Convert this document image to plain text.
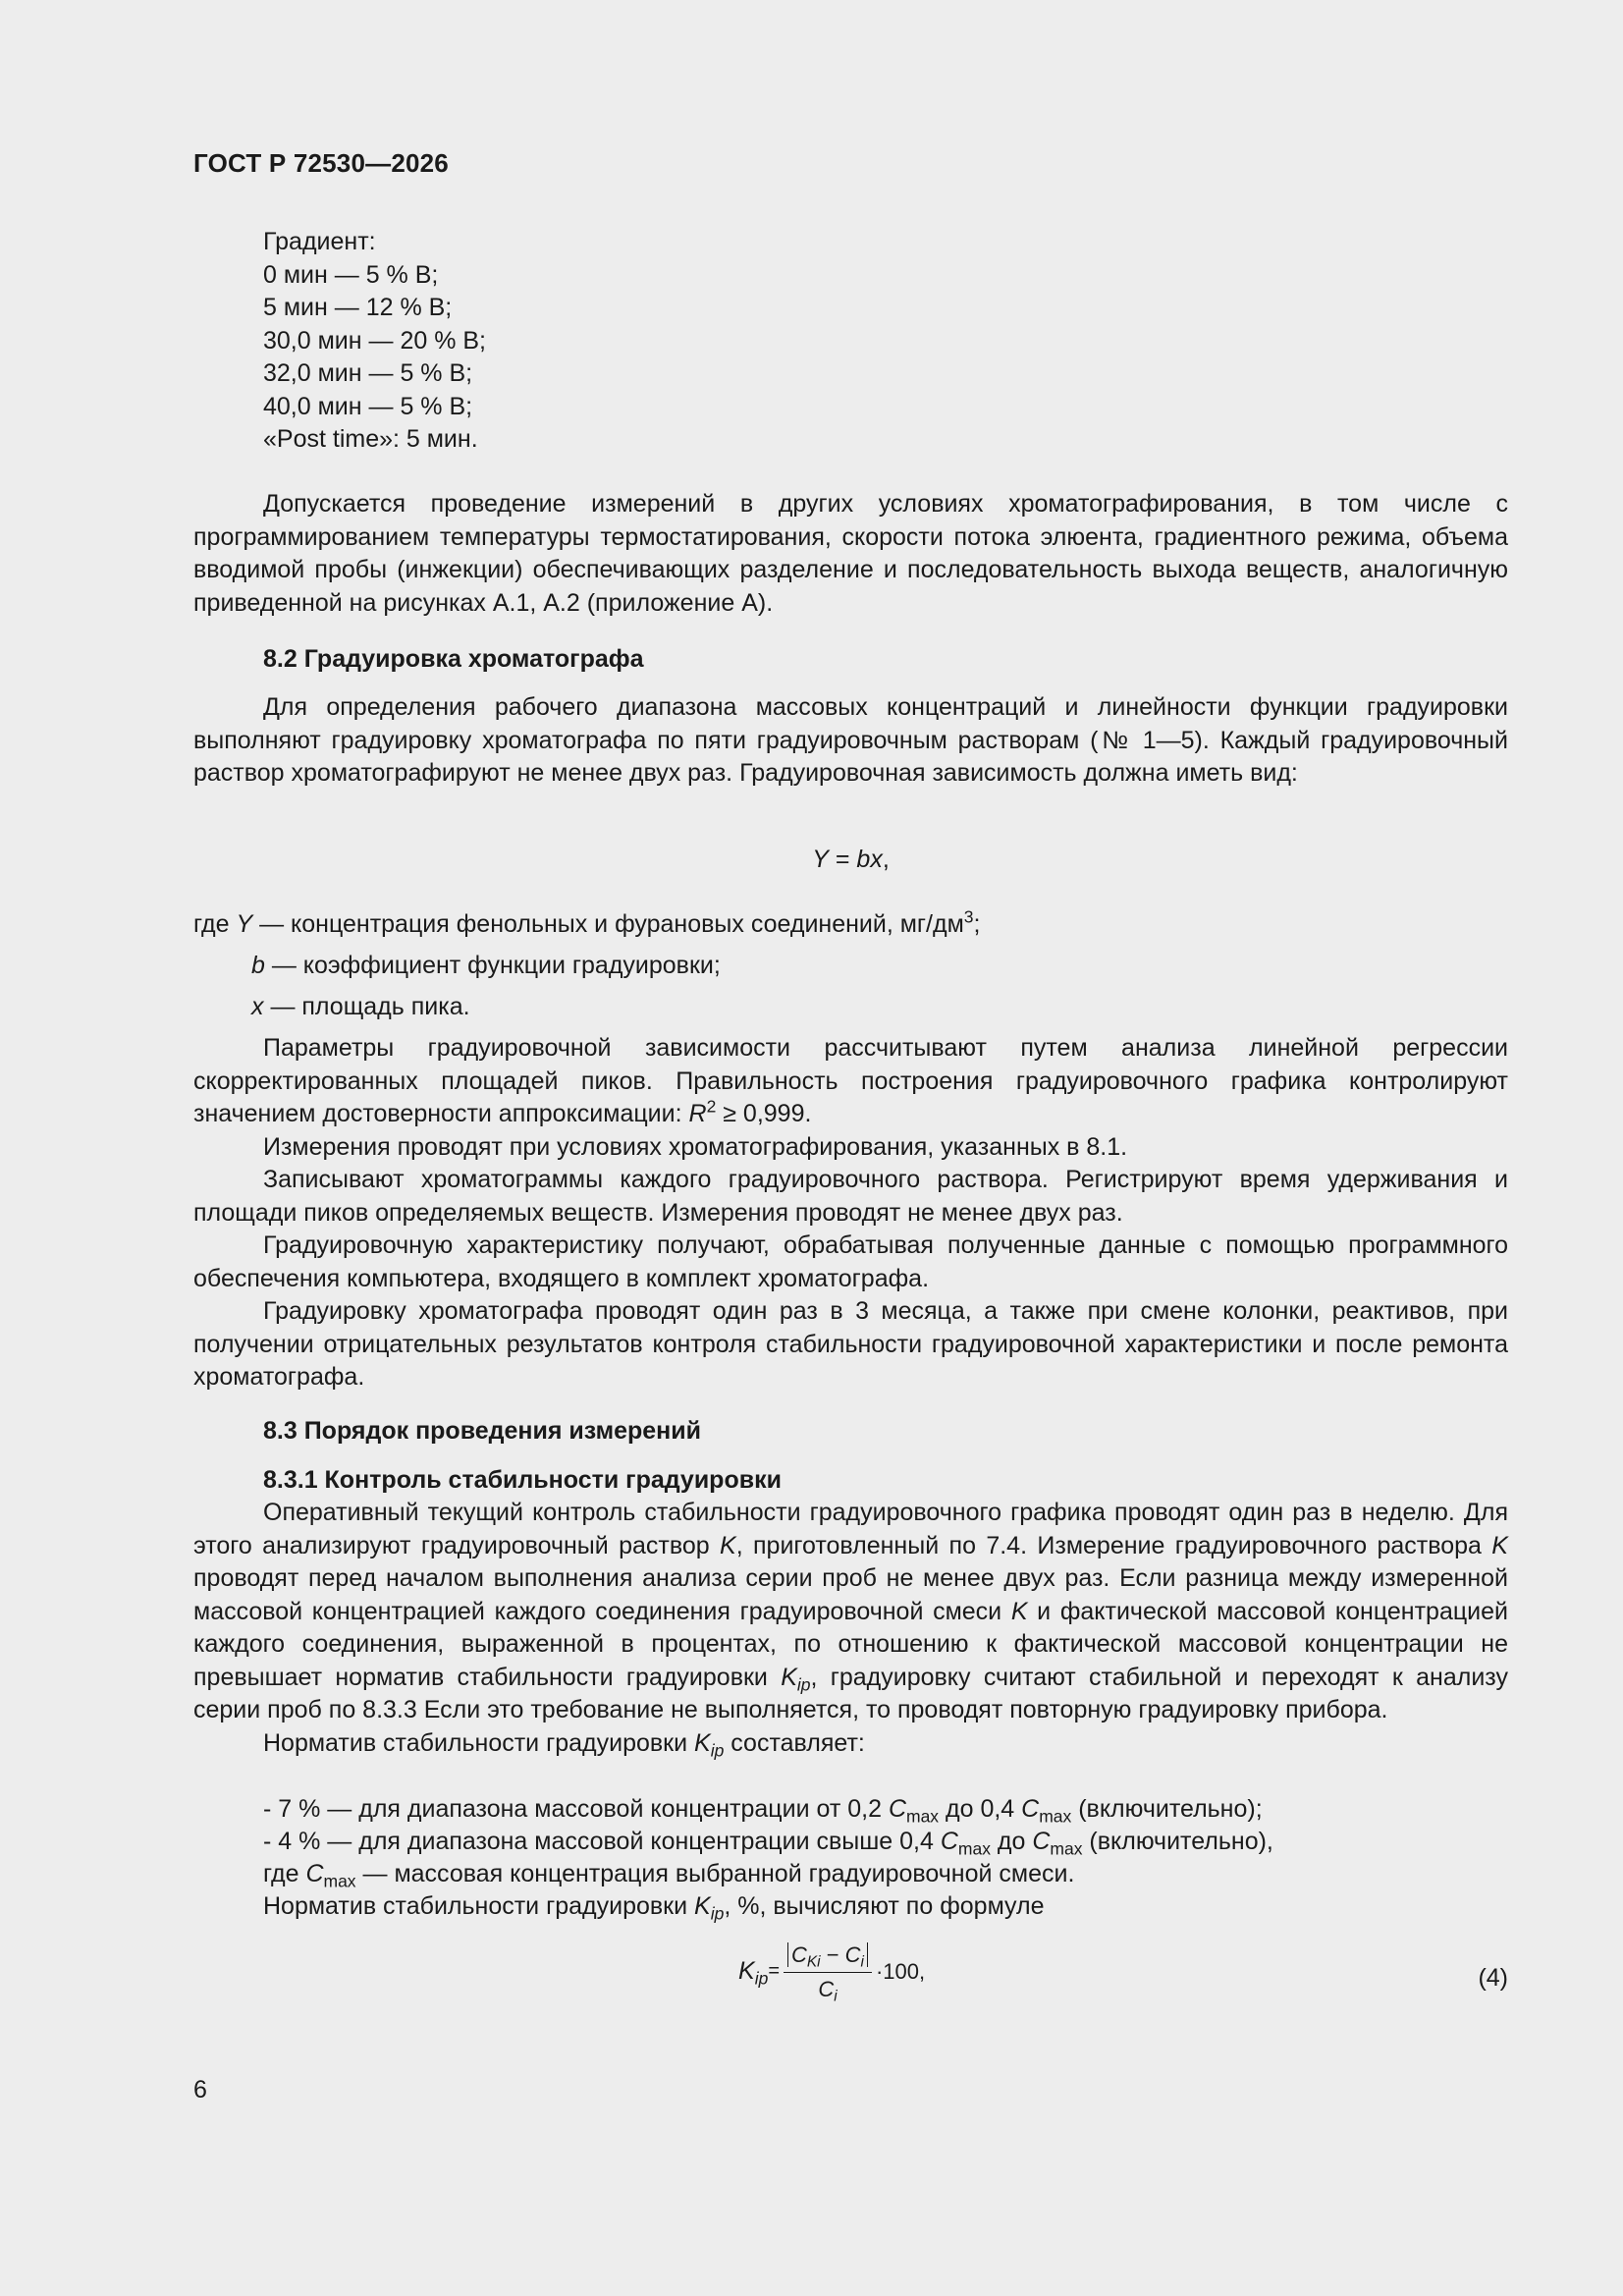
ГОСТ Р 72530—2026
Градиент:
0 мин — 5 % В;
5 мин — 12 % В;
30,0 мин — 20 % В;
32,0 мин — 5 % В;
40,0 мин — 5 % В;
«Post time»: 5 мин.

Допускается проведение измерений в других условиях хроматографирования, в том числе с программированием температуры термостатирования, скорости потока элюента, градиентного режима, объема вводимой пробы (инжекции) обеспечивающих разделение и последовательность выхода веществ, аналогичную приведенной на рисунках А.1, А.2 (приложение А).

8.2 Градуировка хроматографа

Для определения рабочего диапазона массовых концентраций и линейности функции градуировки выполняют градуировку хроматографа по пяти градуировочным растворам (№ 1—5). Каждый градуировочный раствор хроматографируют не менее двух раз. Градуировочная зависимость должна иметь вид:

Y = bx,
где Y — концентрация фенольных и фурановых соединений, $мг/дм^3$;
b — коэффициент функции градуировки;
x — площадь пика.

Параметры градуировочной зависимости рассчитывают путем анализа линейной регрессии скорректированных площадей пиков. Правильность построения градуировочного графика контролируют значением достоверности аппроксимации: $R^2 \ge 0,999$.

Измерения проводят при условиях хроматографирования, указанных в 8.1.

Записывают хроматограммы каждого градуировочного раствора. Регистрируют время удерживания и площади пиков определяемых веществ. Измерения проводят не менее двух раз.

Градуировочную характеристику получают, обрабатывая полученные данные с помощью программного обеспечения компьютера, входящего в комплект хроматографа.

Градуировку хроматографа проводят один раз в 3 месяца, а также при смене колонки, реактивов, при получении отрицательных результатов контроля стабильности градуировочной характеристики и после ремонта хроматографа.

8.3 Порядок проведения измерений
8.3.1 Контроль стабильности градуировки

Оперативный текущий контроль стабильности градуировочного графика проводят один раз в неделю. Для этого анализируют градуировочный раствор K, приготовленный по 7.4. Измерение градуировочного раствора K проводят перед началом выполнения анализа серии проб не менее двух раз. Если разница между измеренной массовой концентрацией каждого соединения градуировочной смеси K и фактической массовой концентрацией каждого соединения, выраженной в процентах, по отношению к фактической массовой концентрации не превышает норматив стабильности градуировки $K_{ip}$, градуировку считают стабильной и переходят к анализу серии проб по 8.3.3 Если это требование не выполняется, то проводят повторную градуировку прибора.

Норматив стабильности градуировки $K_{ip}$ составляет:

- 7 % — для диапазона массовой концентрации от 0,2 $C_{max}$ до 0,4 $C_{max}$ (включительно);
- 4 % — для диапазона массовой концентрации свыше 0,4 $C_{max}$ до $C_{max}$ (включительно),
где $C_{max}$ — массовая концентрация выбранной градуировочной смеси.
Норматив стабильности градуировки $K_{ip}$, %, вычисляют по формуле
$K_{ip} = \frac{C_{Ki} - C_i}{C_i} \cdot 100$,	(4)
6
